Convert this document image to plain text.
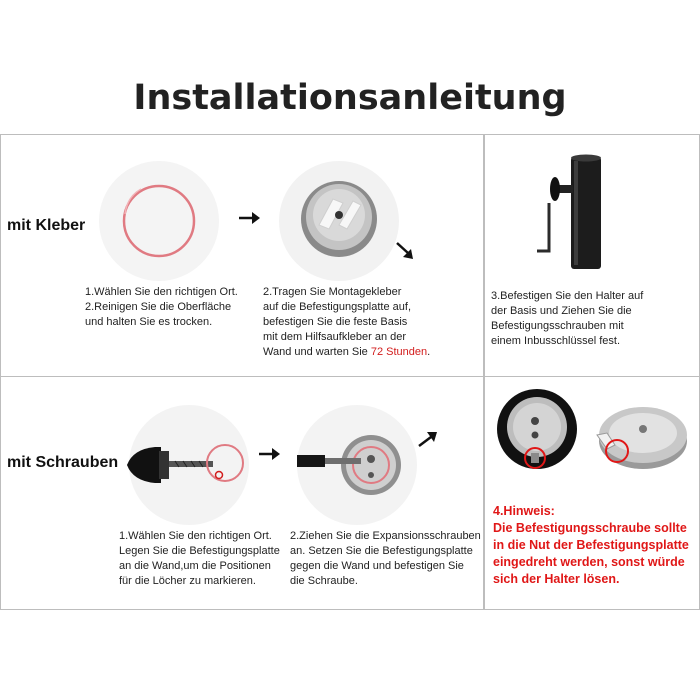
Installationsanleitung
mit Kleber
1.Wählen Sie den richtigen Ort.
2.Reinigen Sie die Oberfläche
und halten Sie es trocken.
2.Tragen Sie Montagekleber
auf die Befestigungsplatte auf,
befestigen Sie die feste Basis
mit dem Hilfsaufkleber an der
Wand und warten Sie 72 Stunden.
3.Befestigen Sie den Halter auf
der Basis und Ziehen Sie die
Befestigungsschrauben mit
einem Inbusschlüssel fest.
mit Schrauben
1.Wählen Sie den richtigen Ort.
Legen Sie die Befestigungsplatte
an die Wand,um die Positionen
für die Löcher zu markieren.
2.Ziehen Sie die Expansionsschrauben
an. Setzen Sie die Befestigungsplatte
gegen die Wand und befestigen Sie
die Schraube.
4.Hinweis:
Die Befestigungsschraube sollte
in die Nut der Befestigungsplatte
eingedreht werden, sonst würde
sich der Halter lösen.
